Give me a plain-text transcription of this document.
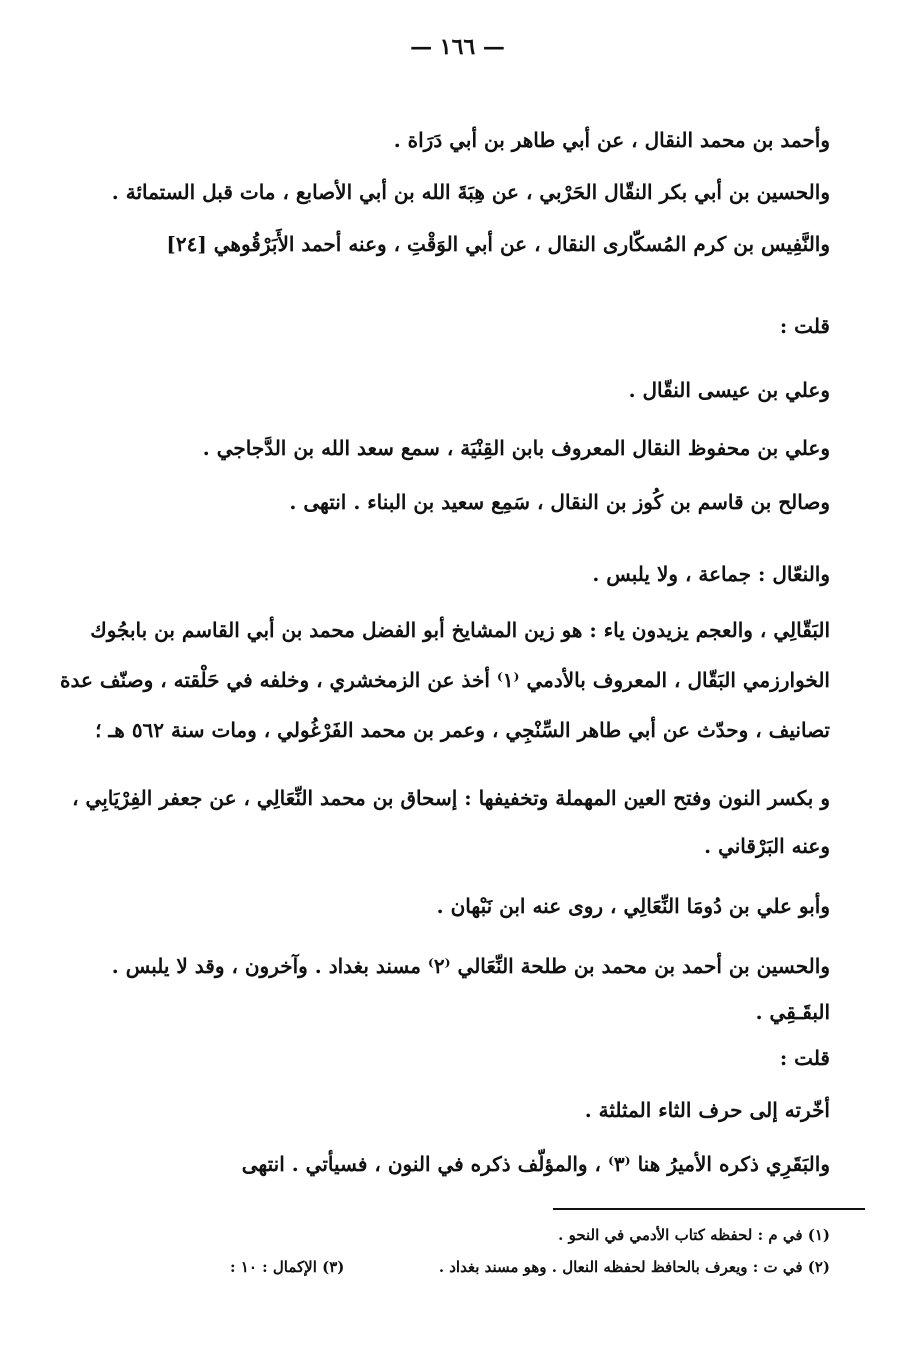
— ١٦٦ —
وأحمد بن محمد النقال ، عن أبي طاهر بن أبي دَرَاة .
والحسين بن أبي بكر النقّال الحَرْبي ، عن هِبَةَ الله بن أبي الأصابع ، مات قبل الستمائة .
والنَّفِيس بن كرم المُسكّارى النقال ، عن أبي الوَقْتِ ، وعنه أحمد الأَبَرْقُوهي [٢٤]
قلت :
وعلي بن عيسى النقّال .
وعلي بن محفوظ النقال المعروف بابن القِنْيَة ، سمع سعد الله بن الدَّجاجي .
وصالح بن قاسم بن كُوز بن النقال ، سَمِع سعيد بن البناء . انتهى .
والنعّال : جماعة ، ولا يلبس .
البَقّالِي ، والعجم يزيدون ياء : هو زين المشايخ أبو الفضل محمد بن أبي القاسم بن بابجُوك
الخوارزمي البَقّال ، المعروف بالأدمي ⁽١⁾ أخذ عن الزمخشري ، وخلفه في حَلْقته ، وصنّف عدة
تصانيف ، وحدّث عن أبي طاهر السِّنْجِي ، وعمر بن محمد الفَرْغُولي ، ومات سنة ٥٦٢ هـ ؛
و بكسر النون وفتح العين المهملة وتخفيفها : إسحاق بن محمد النِّعَالِي ، عن جعفر الفِرْيَابِي ،
وعنه البَرْقاني .
وأبو علي بن دُومَا النِّعَالِي ، روى عنه ابن نَبْهان .
والحسين بن أحمد بن محمد بن طلحة النِّعَالي ⁽٢⁾ مسند بغداد . وآخرون ، وقد لا يلبس .
البقَـقِي .
قلت :
أخّرته إلى حرف الثاء المثلثة .
والبَقَرِي ذكره الأميرُ هنا ⁽٣⁾ ، والمؤلّف ذكره في النون ، فسيأتي . انتهى
(١) في م : لحفظه كتاب الأدمي في النحو .
(٢) في ت : ويعرف بالحافظ لحفظه النعال . وهو مسند بغداد .
(٣) الإكمال : ١٠ :
